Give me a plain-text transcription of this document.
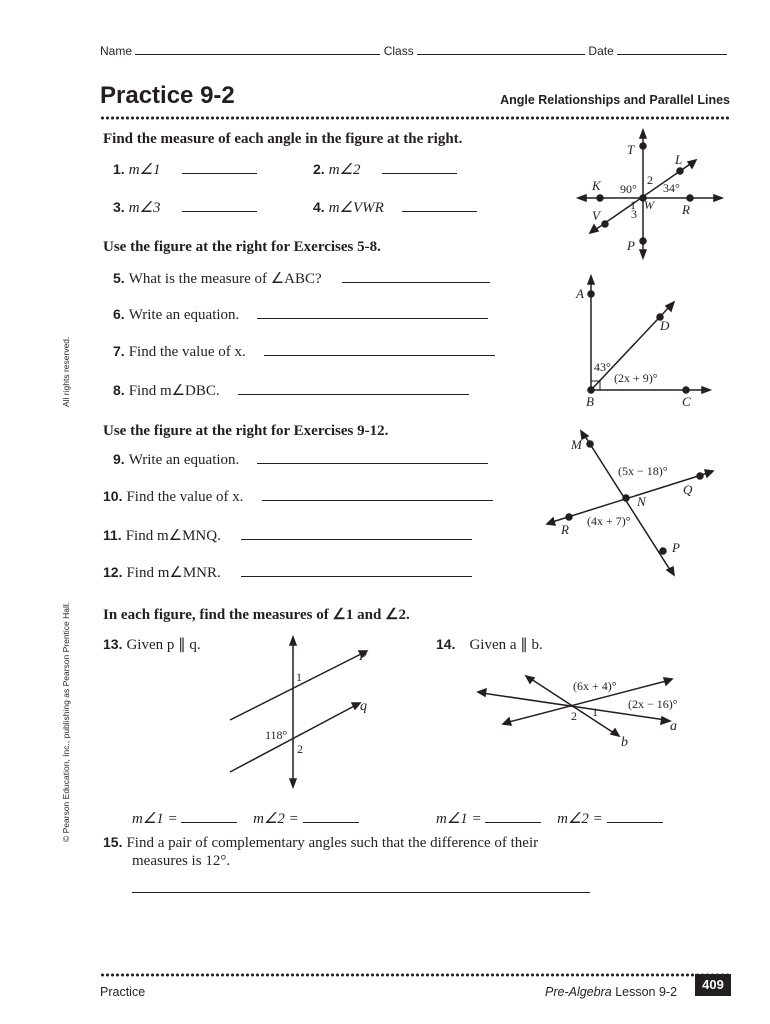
Name	Class	Date
Practice 9-2	Angle Relationships and Parallel Lines
Find the measure of each angle in the figure at the right.
1. m∠1	2. m∠2
3. m∠3	4. m∠VWR
T
L
K
R
V
W
P
90° 34°
2
1
3
Use the figure at the right for Exercises 5-8.
5. What is the measure of ∠ABC?
6. Write an equation.
7. Find the value of x.
8. Find m∠DBC.
A
D
B	C
43°
(2x + 9)°
Use the figure at the right for Exercises 9-12.
9. Write an equation.
10. Find the value of x.
11. Find m∠MNQ.
12. Find m∠MNR.
M
(5x − 18)°
Q
N
(4x + 7)°
R
P
In each figure, find the measures of ∠1 and ∠2.
13. Given p ∥ q.
p
q
1
118°
2
14. Given a ∥ b.
(6x + 4)°
(2x − 16)°
1
2
a
b
m∠1 =	m∠2 =	m∠1 =	m∠2 =
15. Find a pair of complementary angles such that the difference of their
measures is 12°.
Practice	Pre-Algebra Lesson 9-2	409
All rights reserved.
© Pearson Education, Inc., publishing as Pearson Prentice Hall.
